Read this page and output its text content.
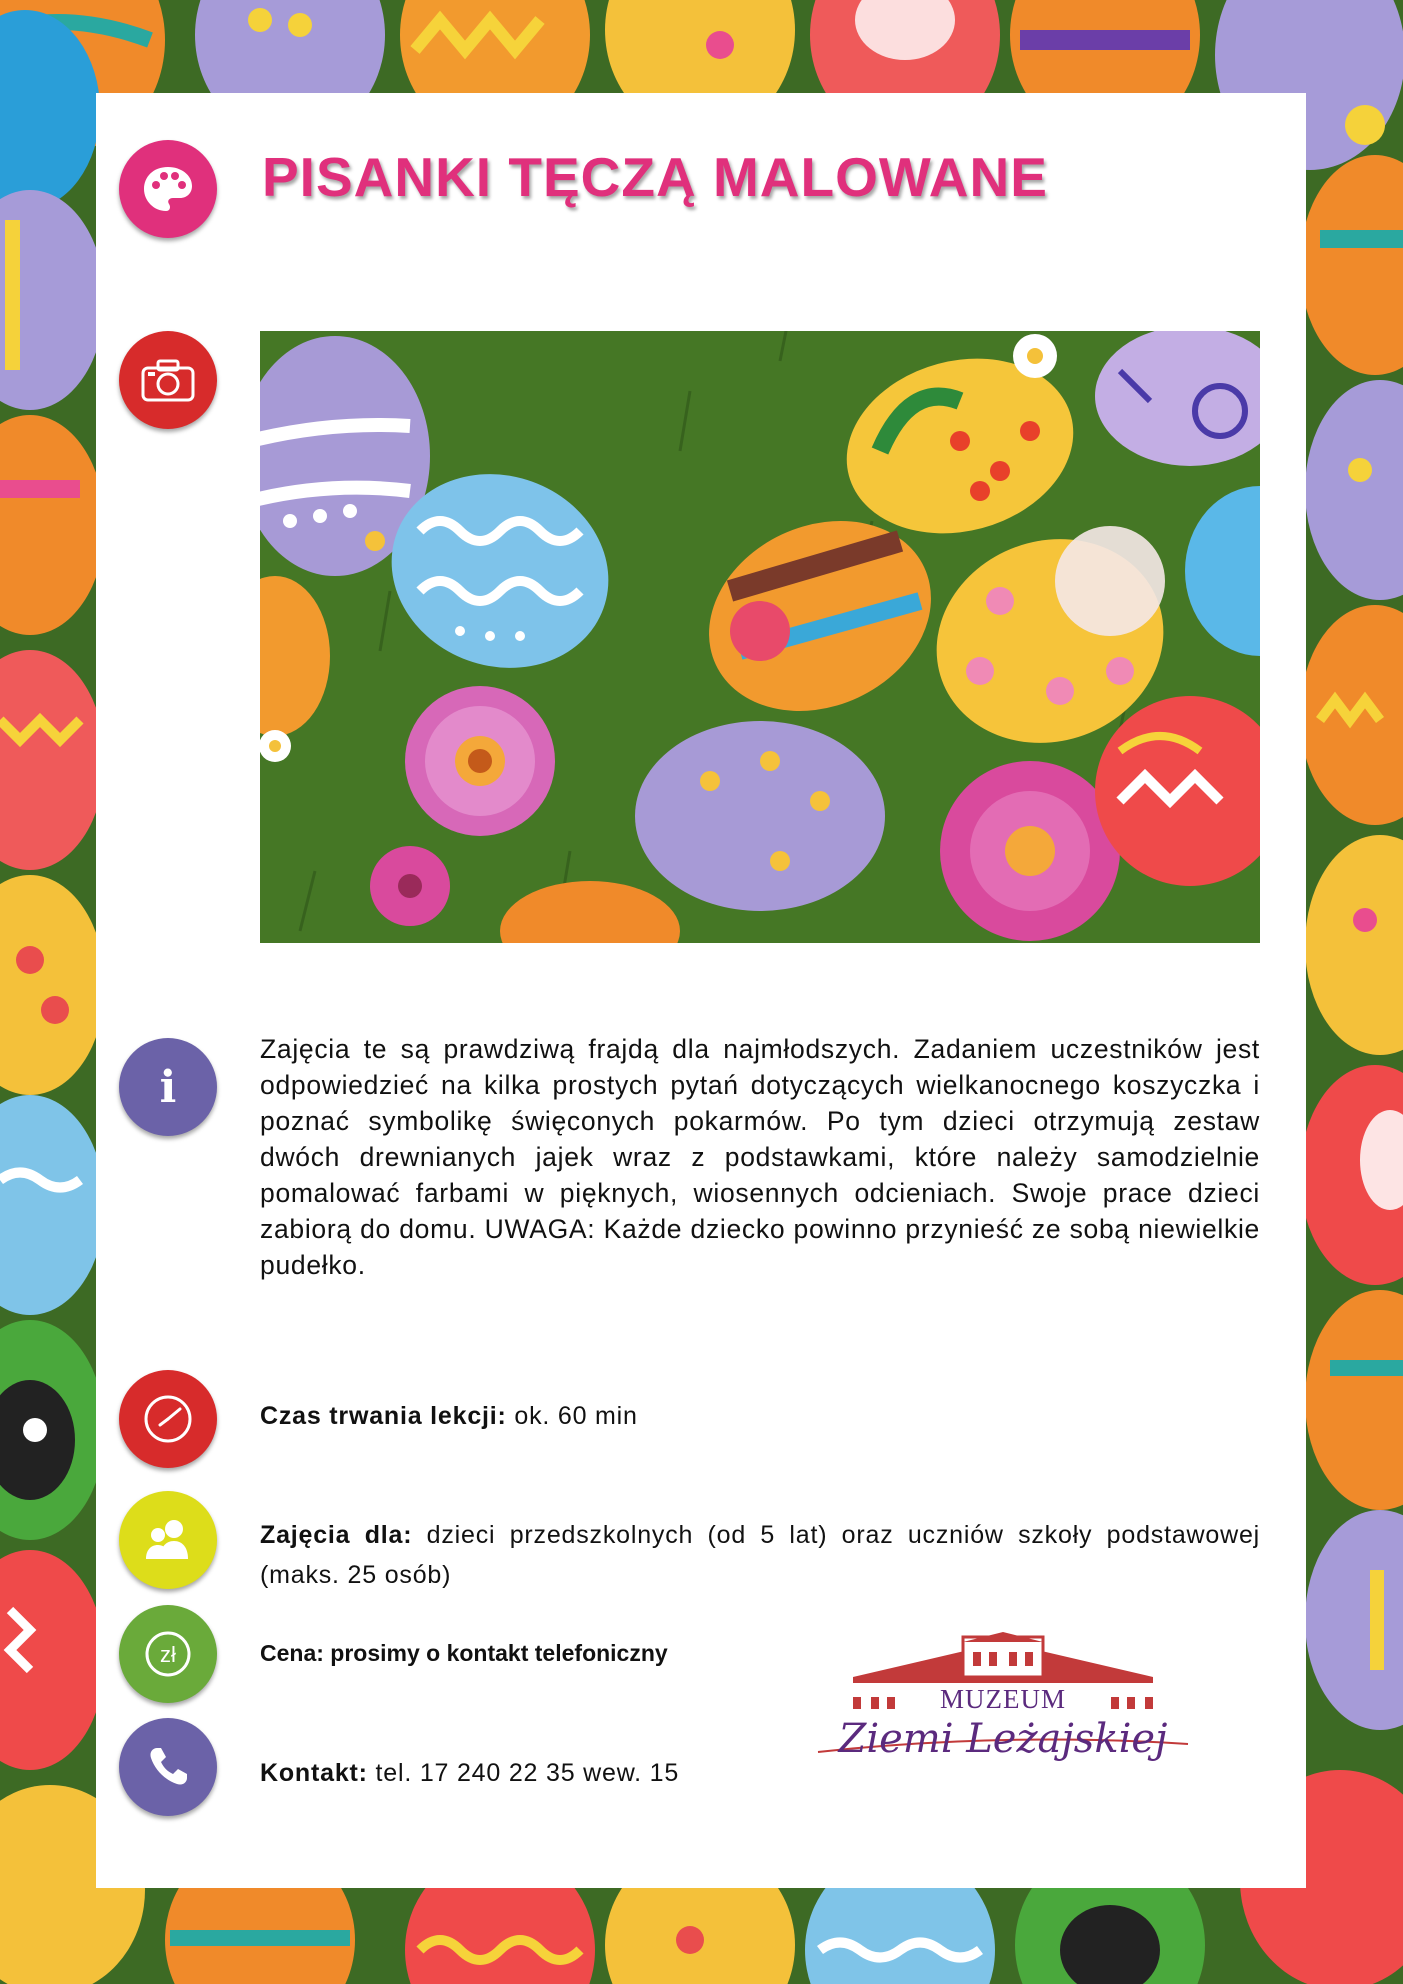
PISANKI TĘCZĄ MALOWANE
i

Zajęcia te są prawdziwą frajdą dla najmłodszych. Zadaniem uczestników jest odpowiedzieć na kilka prostych pytań dotyczących wielkanocnego koszyczka i poznać symbolikę święconych pokarmów. Po tym dzieci otrzymują zestaw dwóch drewnianych jajek wraz z podstawkami, które należy samodzielnie pomalować farbami w pięknych, wiosennych odcieniach. Swoje prace dzieci zabiorą do domu. UWAGA: Każde dziecko powinno przynieść ze sobą niewielkie pudełko.

Czas trwania lekcji: ok. 60 min
Zajęcia dla: dzieci przedszkolnych (od 5 lat) oraz uczniów szkoły podstawowej (maks. 25 osób)
zł	Cena: prosimy o kontakt telefoniczny
Kontakt: tel. 17 240 22 35 wew. 15
MUZEUM
Ziemi Leżajskiej
